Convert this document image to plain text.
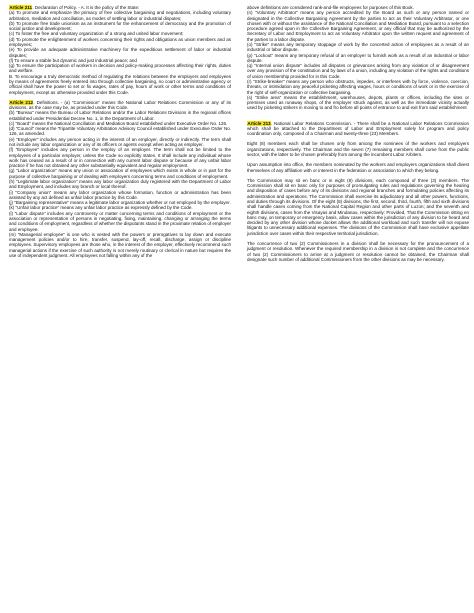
Article 211. Declaration of Policy. - A. It is the policy of the State:

(a) To promote and emphasize the primacy of free collective bargaining and negotiations, including voluntary arbitration, mediation and conciliation, as modes of settling labor or industrial disputes;

(b) To promote free trade unionism as an instrument for the enhancement of democracy and the promotion of social justice and development;

(c) To foster the free and voluntary organization of a strong and united labor movement;

(d) To promote the enlightenment of workers concerning their rights and obligations as union members and as employees;

(e) To provide an adequate administrative machinery for the expeditious settlement of labor or industrial disputes;

(f) To ensure a stable but dynamic and just industrial peace; and

(g) To ensure the participation of workers in decision and policy-making processes affecting their rights, duties and welfare.

B. To encourage a truly democratic method of regulating the relations between the employers and employees by means of agreements freely entered into through collective bargaining, no court or administrative agency or official shall have the power to set or fix wages, rates of pay, hours of work or other terms and conditions of employment, except as otherwise provided under this Code.

Article 212. Definitions. - (a) "Commission" means the National Labor Relations Commission or any of its divisions, as the case may be, as provided under this Code.

(b) "Bureau" means the Bureau of Labor Relations and/or the Labor Relations Divisions in the regional offices established under Presidential Decree No. 1, in the Department of Labor.

(c) "Board" means the National Conciliation and Mediation Board established under Executive Order No. 126.

(d) "Council" means the Tripartite Voluntary Arbitration Advisory Council established under Executive Order No. 126, as amended.

(e) "Employer" includes any person acting in the interest of an employer, directly or indirectly. The term shall not include any labor organization or any of its officers or agents except when acting as employer.

(f) "Employee" includes any person in the employ of an employer. The term shall not be limited to the employees of a particular employer, unless the Code so explicitly states. It shall include any individual whose work has ceased as a result of or in connection with any current labor dispute or because of any unfair labor practice if he has not obtained any other substantially equivalent and regular employment.

(g) "Labor organization" means any union or association of employees which exists in whole or in part for the purpose of collective bargaining or of dealing with employers concerning terms and conditions of employment.

(h) "Legitimate labor organization" means any labor organization duly registered with the Department of Labor and Employment, and includes any branch or local thereof.

(i) "Company union" means any labor organization whose formation, function or administration has been assisted by any act defined as unfair labor practice by this Code.

(j) "Bargaining representative" means a legitimate labor organization whether or not employed by the employer.

(k) "Unfair labor practice" means any unfair labor practice as expressly defined by the Code.

(l) "Labor dispute" includes any controversy or matter concerning terms and conditions of employment or the association or representation of persons in negotiating, fixing, maintaining, changing or arranging the terms and conditions of employment, regardless of whether the disputants stand in the proximate relation of employer and employee.

(m) "Managerial employee" is one who is vested with the powers or prerogatives to lay down and execute management policies and/or to hire, transfer, suspend, lay-off, recall, discharge, assign or discipline employees. Supervisory employees are those who, in the interest of the employer, effectively recommend such managerial actions if the exercise of such authority is not merely routinary or clerical in nature but requires the use of independent judgment. All employees not falling within any of the

above definitions are considered rank-and-file employees for purposes of this Book.

(n) "Voluntary Arbitrator" means any person accredited by the Board as such or any person named or designated in the Collective Bargaining Agreement by the parties to act as their Voluntary Arbitrator, or one chosen with or without the assistance of the National Conciliation and Mediation Board, pursuant to a selection procedure agreed upon in the Collective Bargaining Agreement, or any official that may be authorized by the Secretary of Labor and Employment to act as Voluntary Arbitrator upon the written request and agreement of the parties to a labor dispute.

(o) "Strike" means any temporary stoppage of work by the concerted action of employees as a result of an industrial or labor dispute.

(p) "Lockout" means any temporary refusal of an employer to furnish work as a result of an industrial or labor dispute.

(q) "Internal union dispute" includes all disputes or grievances arising from any violation of or disagreement over any provision of the constitution and by laws of a union, including any violation of the rights and conditions of union membership provided for in this Code.

(r) "Strike-breaker" means any person who obstructs, impedes, or interferes with by force, violence, coercion, threats, or intimidation any peaceful picketing affecting wages, hours or conditions of work or in the exercise of the right of self-organization or collective bargaining.

(s) "Strike area" means the establishment, warehouses, depots, plants or offices, including the sites or premises used as runaway shops, of the employer struck against, as well as the immediate vicinity actually used by picketing strikers in moving to and fro before all points of entrance to and exit from said establishment

Article 213. National Labor Relations Commission. - There shall be a National Labor Relations Commission which shall be attached to the Department of Labor and Employment solely for program and policy coordination only, composed of a Chairman and twenty-three (23) Members.

Eight (8) members each shall be chosen only from among the nominees of the workers and employers organizations, respectively. The Chairman and the seven (7) remaining members shall come from the public sector, with the latter to be chosen preferably from among the incumbent Labor Arbiters.

Upon assumption into office, the members nominated by the workers and employers organizations shall divest themselves of any affiliation with or interest in the federation or association to which they belong.

The Commission may sit en banc or in eight (8) divisions, each composed of three (3) members. The Commission shall sit en banc only for purposes of promulgating rules and regulations governing the hearing and disposition of cases before any of its divisions and regional branches and formulating policies affecting its administration and operations. The Commission shall exercise its adjudicatory and all other powers, functions, and duties through its divisions. Of the eight (8) divisions, the first, second, third, fourth, fifth and sixth divisions shall handle cases coming from the National Capital Region and other parts of Luzon; and the seventh and eighth divisions, cases from the Visayas and Mindanao, respectively: Provided, That the Commission sitting en banc may, on temporary or emergency basis, allow cases within the jurisdiction of any division to be heard and decided by any other division whose docket allows the additional workload and such transfer will not expose litigants to unnecessary additional expenses. The divisions of the Commission shall have exclusive appellate jurisdiction over cases within their respective territorial jurisdiction.

The concurrence of two (2) Commissioners in a division shall be necessary for the pronouncement of a judgment or resolution. Whenever the required membership in a division is not complete and the concurrence of two (2) Commissioners to arrive at a judgment or resolution cannot be obtained, the Chairman shall designate such number of additional Commissioners from the other divisions as may be necessary.
